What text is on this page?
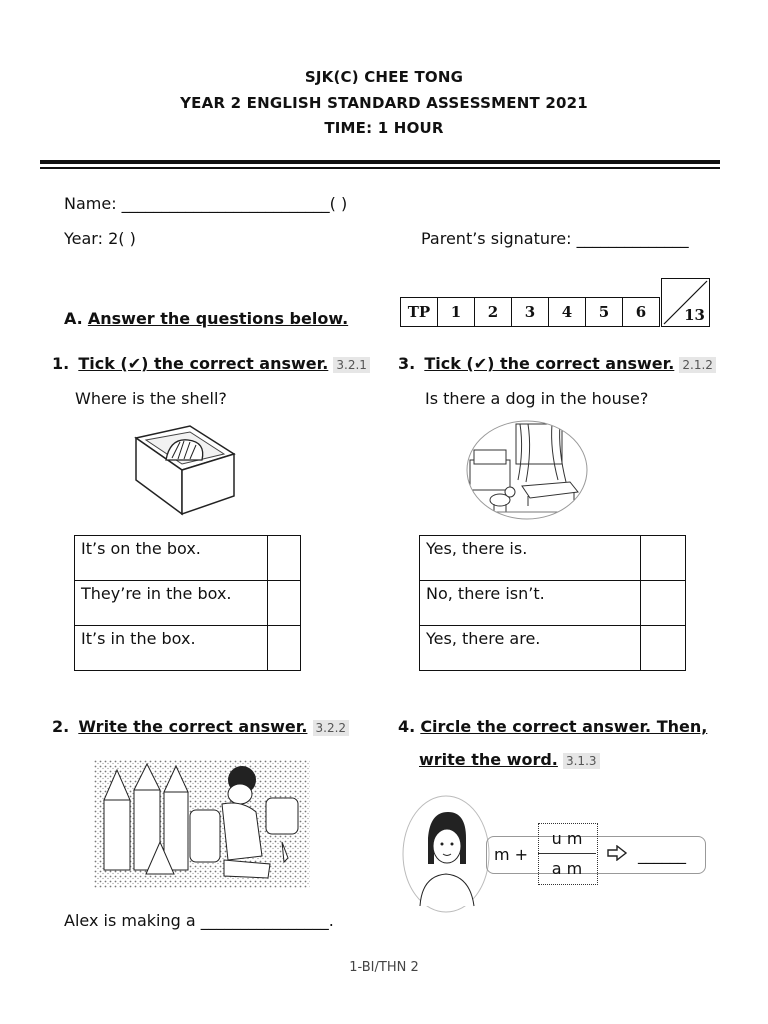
SJK(C) CHEE TONG
YEAR 2 ENGLISH STANDARD ASSESSMENT 2021
TIME: 1 HOUR
Name: __________________________( )
Year: 2( )	Parent’s signature: ______________
A. Answer the questions below.	TP	1	2	3	4	5	6	13
1. Tick (✔) the correct answer. 3.2.1
Where is the shell?
It’s on the box.	
They’re in the box.	
It’s in the box.	
3. Tick (✔) the correct answer. 2.1.2
Is there a dog in the house?
Yes, there is.	
No, there isn’t.	
Yes, there are.	
2. Write the correct answer. 3.2.2
Alex is making a ________________.
4. Circle the correct answer. Then,
write the word. 3.1.3
m +
u m
a m
______
1-BI/THN 2
